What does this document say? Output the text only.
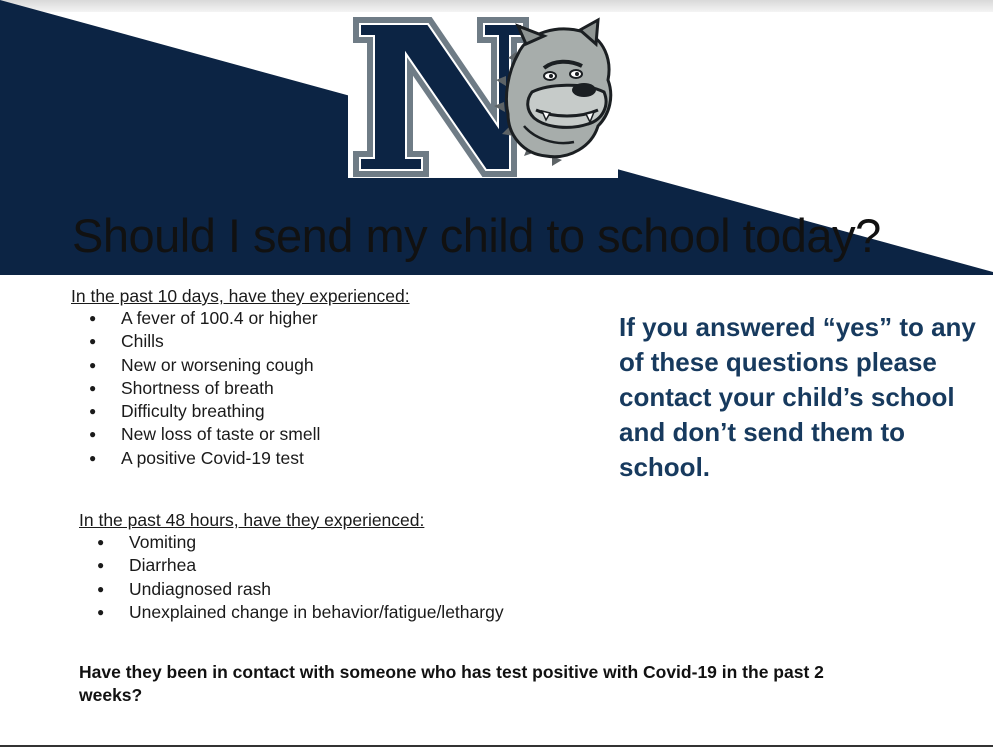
Should I send my child to school today?

In the past 10 days, have they experienced:

● A fever of 100.4 or higher
● Chills
● New or worsening cough
● Shortness of breath
● Difficulty breathing
● New loss of taste or smell
● A positive Covid-19 test

In the past 48 hours, have they experienced:

● Vomiting
● Diarrhea
● Undiagnosed rash
● Unexplained change in behavior/fatigue/lethargy

If you answered “yes” to any of these questions please contact your child’s school and don’t send them to school.

Have they been in contact with someone who has test positive with Covid-19 in the past 2 weeks?
